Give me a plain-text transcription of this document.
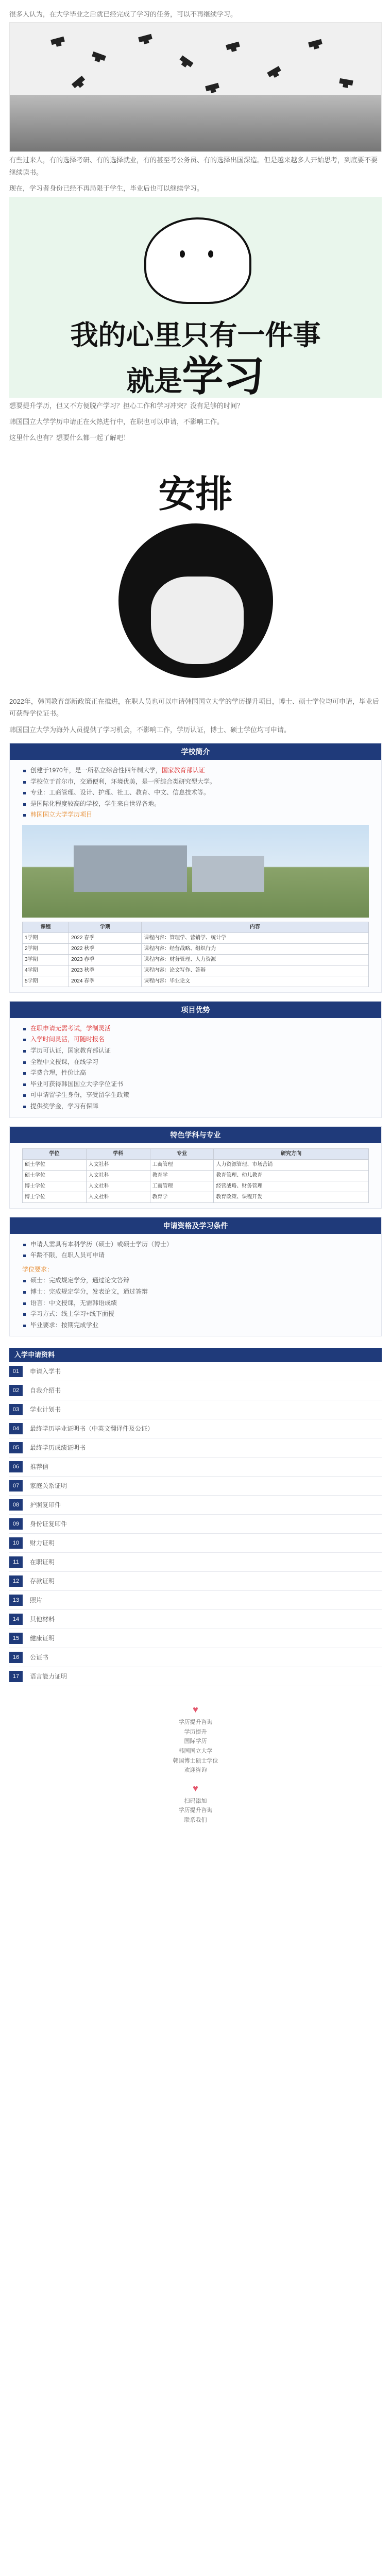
很多人认为，在大学毕业之后就已经完成了学习的任务，可以不再继续学习。

有些过来人，有的选择考研、有的选择就业，有的甚至考公务员、有的选择出国深造。但是越来越多人开始思考，到底要不要继续读书。

现在，学习者身份已经不再局限于学生，毕业后也可以继续学习。

我的心里只有一件事
就是学习

想要提升学历，但又不方便脱产学习？担心工作和学习冲突？没有足够的时间？

韩国国立大学学历申请正在火热进行中，在职也可以申请，不影响工作。

这里什么也有？想要什么都一起了解吧！

安排

2022年，韩国教育部新政策正在推进，在职人员也可以申请韩国国立大学的学历提升项目，博士、硕士学位均可申请，毕业后可获得学位证书。

韩国国立大学为海外人员提供了学习机会，不影响工作，学历认证，博士、硕士学位均可申请。

学校简介
创建于1970年，是一所私立综合性四年制大学，国家教育部认证
学校位于首尔市，交通便利，环境优美，是一所综合类研究型大学。
专业：工商管理、设计、护理、社工、教育、中文、信息技术等。
是国际化程度较高的学校，学生来自世界各地。
韩国国立大学学历项目
课程	学期	内容
1学期	2022 春季	课程内容：管理学、营销学、统计学
2学期	2022 秋季	课程内容：经营战略、组织行为
3学期	2023 春季	课程内容：财务管理、人力资源
4学期	2023 秋季	课程内容：论文写作、答辩
5学期	2024 春季	课程内容：毕业论文
项目优势
在职申请无需考试，学制灵活
入学时间灵活，可随时报名
学历可认证，国家教育部认证
全程中文授课，在线学习
学费合理，性价比高
毕业可获得韩国国立大学学位证书
可申请留学生身份，享受留学生政策
提供奖学金，学习有保障
特色学科与专业
学位	学科	专业	研究方向
硕士学位	人文社科	工商管理	人力资源管理、市场营销
硕士学位	人文社科	教育学	教育管理、幼儿教育
博士学位	人文社科	工商管理	经营战略、财务管理
博士学位	人文社科	教育学	教育政策、课程开发
申请资格及学习条件
申请人需具有本科学历（硕士）或硕士学历（博士）
年龄不限，在职人员可申请
学位要求：
硕士：完成规定学分，通过论文答辩
博士：完成规定学分，发表论文，通过答辩
语言：中文授课，无需韩语成绩
学习方式：线上学习+线下面授
毕业要求：按期完成学业
入学申请资料
01	申请入学书
02	自我介绍书
03	学业计划书
04	最终学历毕业证明书（中英文翻译件及公证）
05	最终学历成绩证明书
06	推荐信
07	家庭关系证明
08	护照复印件
09	身份证复印件
10	财力证明
11	在职证明
12	存款证明
13	照片
14	其他材料
15	健康证明
16	公证书
17	语言能力证明
♥
学历提升咨询
学历提升
国际学历
韩国国立大学
韩国博士硕士学位
欢迎咨询
♥
扫码添加
学历提升咨询
联系我们
